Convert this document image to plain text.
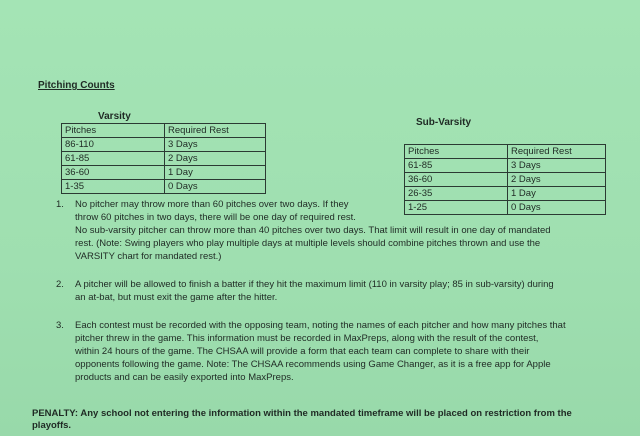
Pitching Counts
Varsity
Pitches	Required Rest
86-110	3 Days
61-85	2 Days
36-60	1 Day
1-35	0 Days
Sub-Varsity
Pitches	Required Rest
61-85	3 Days
36-60	2 Days
26-35	1 Day
1-25	0 Days
1. No pitcher may throw more than 60 pitches over two days. If they
throw 60 pitches in two days, there will be one day of required rest.
No sub-varsity pitcher can throw more than 40 pitches over two days. That limit will result in one day of mandated
rest. (Note: Swing players who play multiple days at multiple levels should combine pitches thrown and use the
VARSITY chart for mandated rest.)
2. A pitcher will be allowed to finish a batter if they hit the maximum limit (110 in varsity play; 85 in sub-varsity) during
an at-bat, but must exit the game after the hitter.
3. Each contest must be recorded with the opposing team, noting the names of each pitcher and how many pitches that
pitcher threw in the game. This information must be recorded in MaxPreps, along with the result of the contest,
within 24 hours of the game. The CHSAA will provide a form that each team can complete to share with their
opponents following the game. Note: The CHSAA recommends using Game Changer, as it is a free app for Apple
products and can be easily exported into MaxPreps.
PENALTY: Any school not entering the information within the mandated timeframe will be placed on restriction from the playoffs.
